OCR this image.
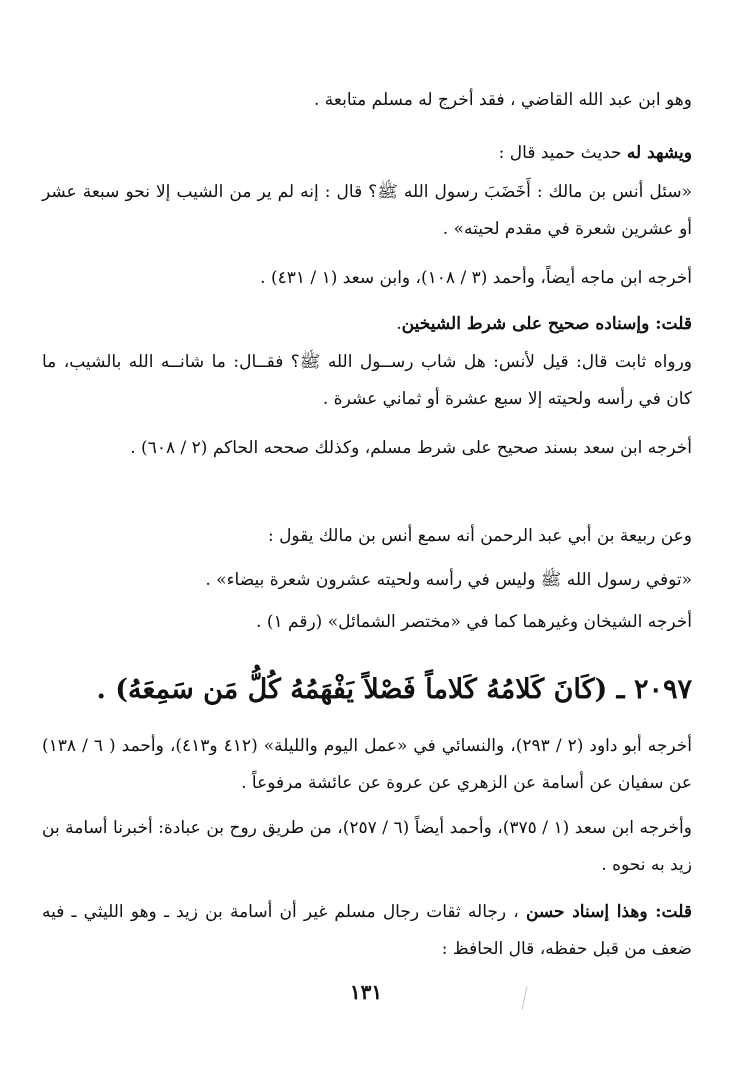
وهو ابن عبد الله القاضي ، فقد أخرج له مسلم متابعة .

ويشهد له حديث حميد قال :

«سئل أنس بن مالك : أَخَضَبَ رسول الله ﷺ؟ قال : إنه لم ير من الشيب إلا نحو سبعة عشر أو عشرين شعرة في مقدم لحيته» .

أخرجه ابن ماجه أيضاً، وأحمد (٣ / ١٠٨)، وابن سعد (١ / ٤٣١) .

قلت: وإسناده صحيح على شرط الشيخين.

ورواه ثابت قال: قيل لأنس: هل شاب رســول الله ﷺ؟ فقــال: ما شانــه الله بالشيب، ما كان في رأسه ولحيته إلا سبع عشرة أو ثماني عشرة .

أخرجه ابن سعد بسند صحيح على شرط مسلم، وكذلك صححه الحاكم (٢ / ٦٠٨) .

وعن ربيعة بن أبي عبد الرحمن أنه سمع أنس بن مالك يقول :

«توفي رسول الله ﷺ وليس في رأسه ولحيته عشرون شعرة بيضاء» .

أخرجه الشيخان وغيرهما كما في «مختصر الشمائل» (رقم ١) .

٢٠٩٧ ـ (كَانَ كَلامُهُ كَلاماً فَصْلاً يَفْهَمُهُ كُلُّ مَن سَمِعَهُ) .

أخرجه أبو داود (٢ / ٢٩٣)، والنسائي في «عمل اليوم والليلة» (٤١٢ و٤١٣)، وأحمد ( ٦ / ١٣٨) عن سفيان عن أسامة عن الزهري عن عروة عن عائشة مرفوعاً .

وأخرجه ابن سعد (١ / ٣٧٥)، وأحمد أيضاً (٦ / ٢٥٧)، من طريق روح بن عبادة: أخبرنا أسامة بن زيد به نحوه .

قلت: وهذا إسناد حسن ، رجاله ثقات رجال مسلم غير أن أسامة بن زيد ـ وهو الليثي ـ فيه ضعف من قبل حفظه، قال الحافظ :

١٣١
